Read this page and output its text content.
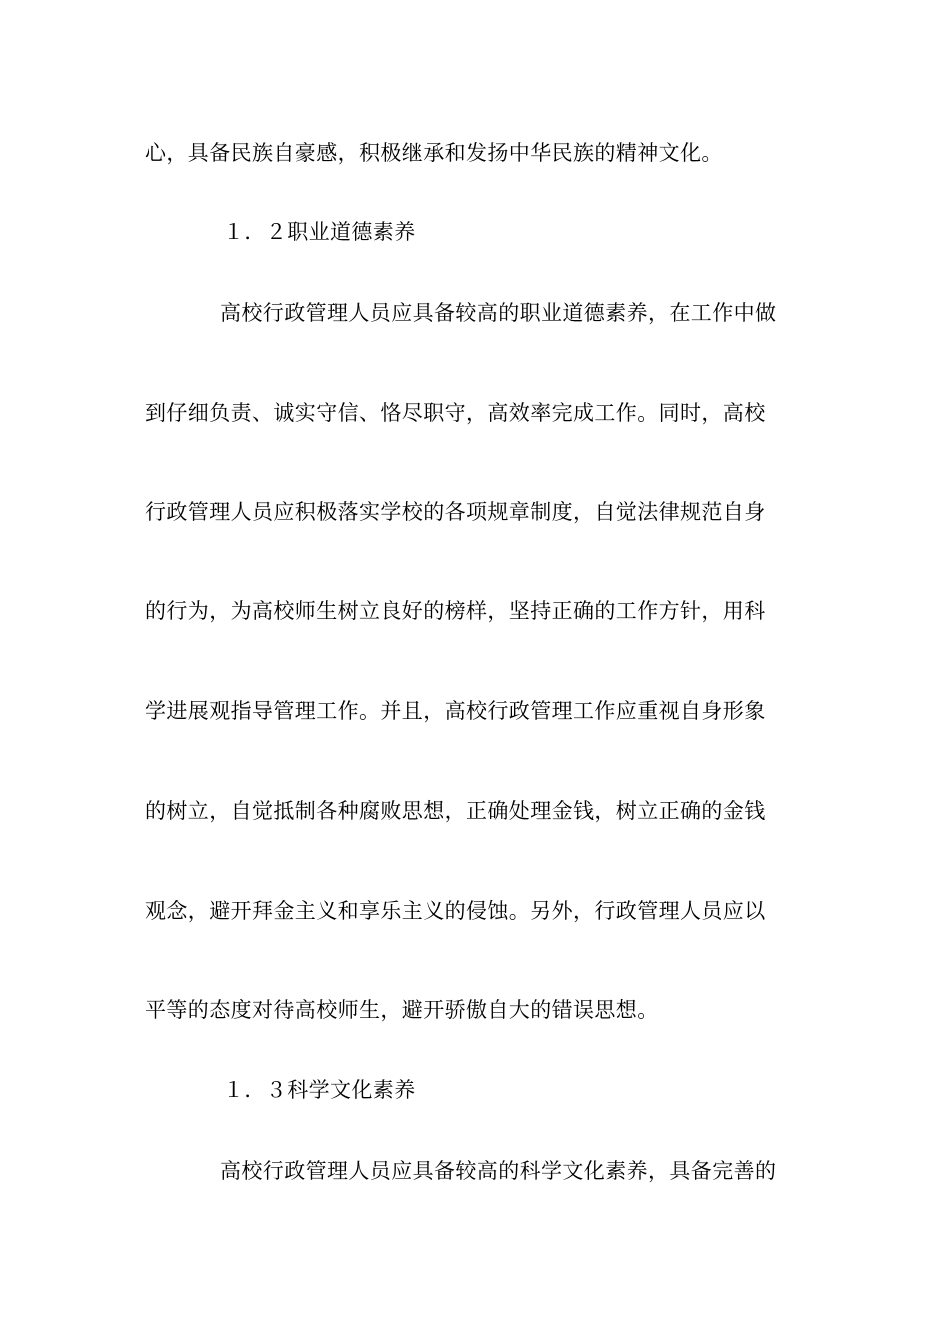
心，具备民族自豪感，积极继承和发扬中华民族的精神文化。
１．２职业道德素养
高校行政管理人员应具备较高的职业道德素养，在工作中做
到仔细负责、诚实守信、恪尽职守，高效率完成工作。同时，高校
行政管理人员应积极落实学校的各项规章制度，自觉法律规范自身
的行为，为高校师生树立良好的榜样，坚持正确的工作方针，用科
学进展观指导管理工作。并且，高校行政管理工作应重视自身形象
的树立，自觉抵制各种腐败思想，正确处理金钱，树立正确的金钱
观念，避开拜金主义和享乐主义的侵蚀。另外，行政管理人员应以
平等的态度对待高校师生，避开骄傲自大的错误思想。
１．３科学文化素养
高校行政管理人员应具备较高的科学文化素养，具备完善的
